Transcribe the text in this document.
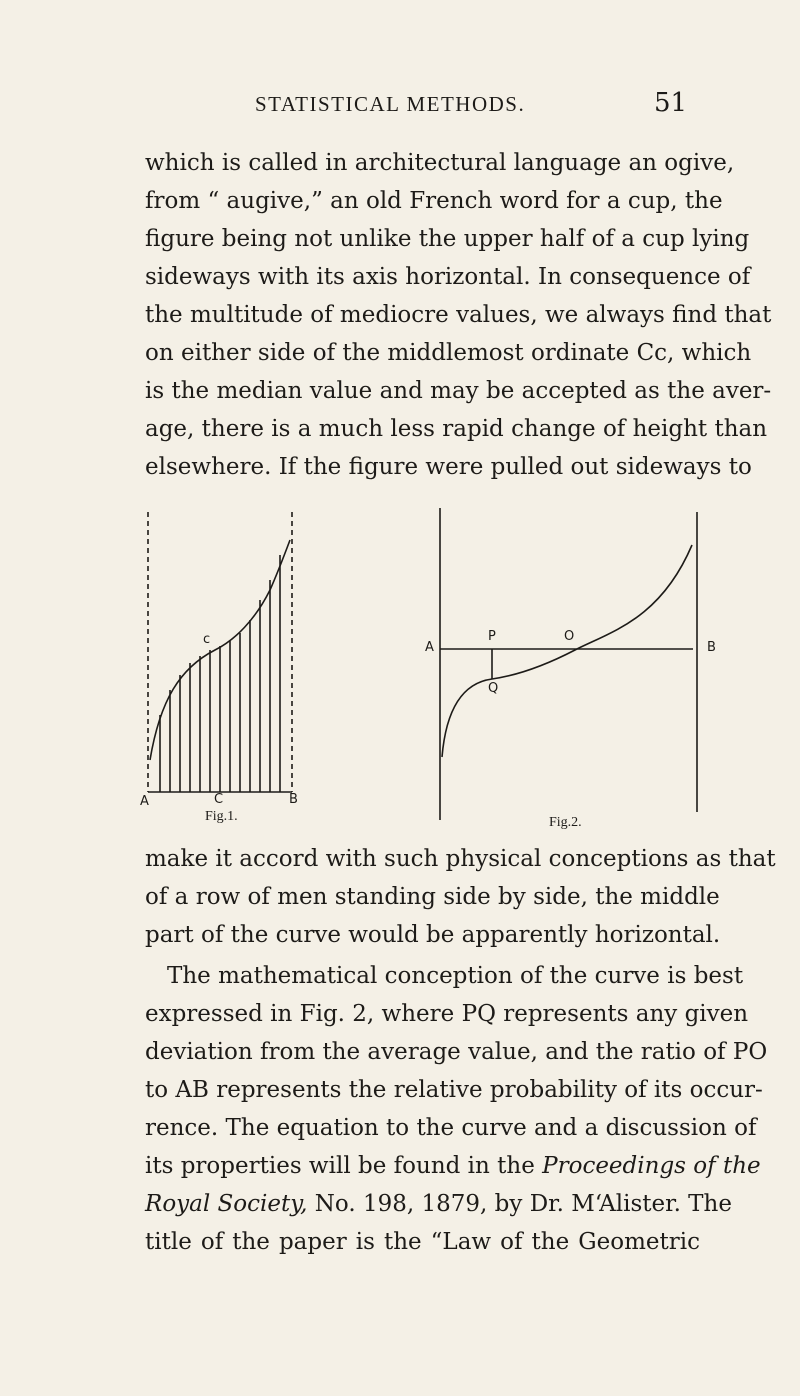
STATISTICAL METHODS.	51
which is called in architectural language an ogive,
from “ augive,” an old French word for a cup, the
figure being not unlike the upper half of a cup lying
sideways with its axis horizontal. In consequence of
the multitude of mediocre values, we always find that
on either side of the middlemost ordinate Cc, which
is the median value and may be accepted as the aver-
age, there is a much less rapid change of height than
elsewhere. If the figure were pulled out sideways to
A	C	B
c
Fig.1.
A
P	O
B
Q
Fig.2.
make it accord with such physical conceptions as that
of a row of men standing side by side, the middle
part of the curve would be apparently horizontal.
The mathematical conception of the curve is best
expressed in Fig. 2, where PQ represents any given
deviation from the average value, and the ratio of PO
to AB represents the relative probability of its occur-
rence. The equation to the curve and a discussion of
its properties will be found in the Proceedings of the
Royal Society, No. 198, 1879, by Dr. M‘Alister. The
title of the paper is the “Law of the Geometric
